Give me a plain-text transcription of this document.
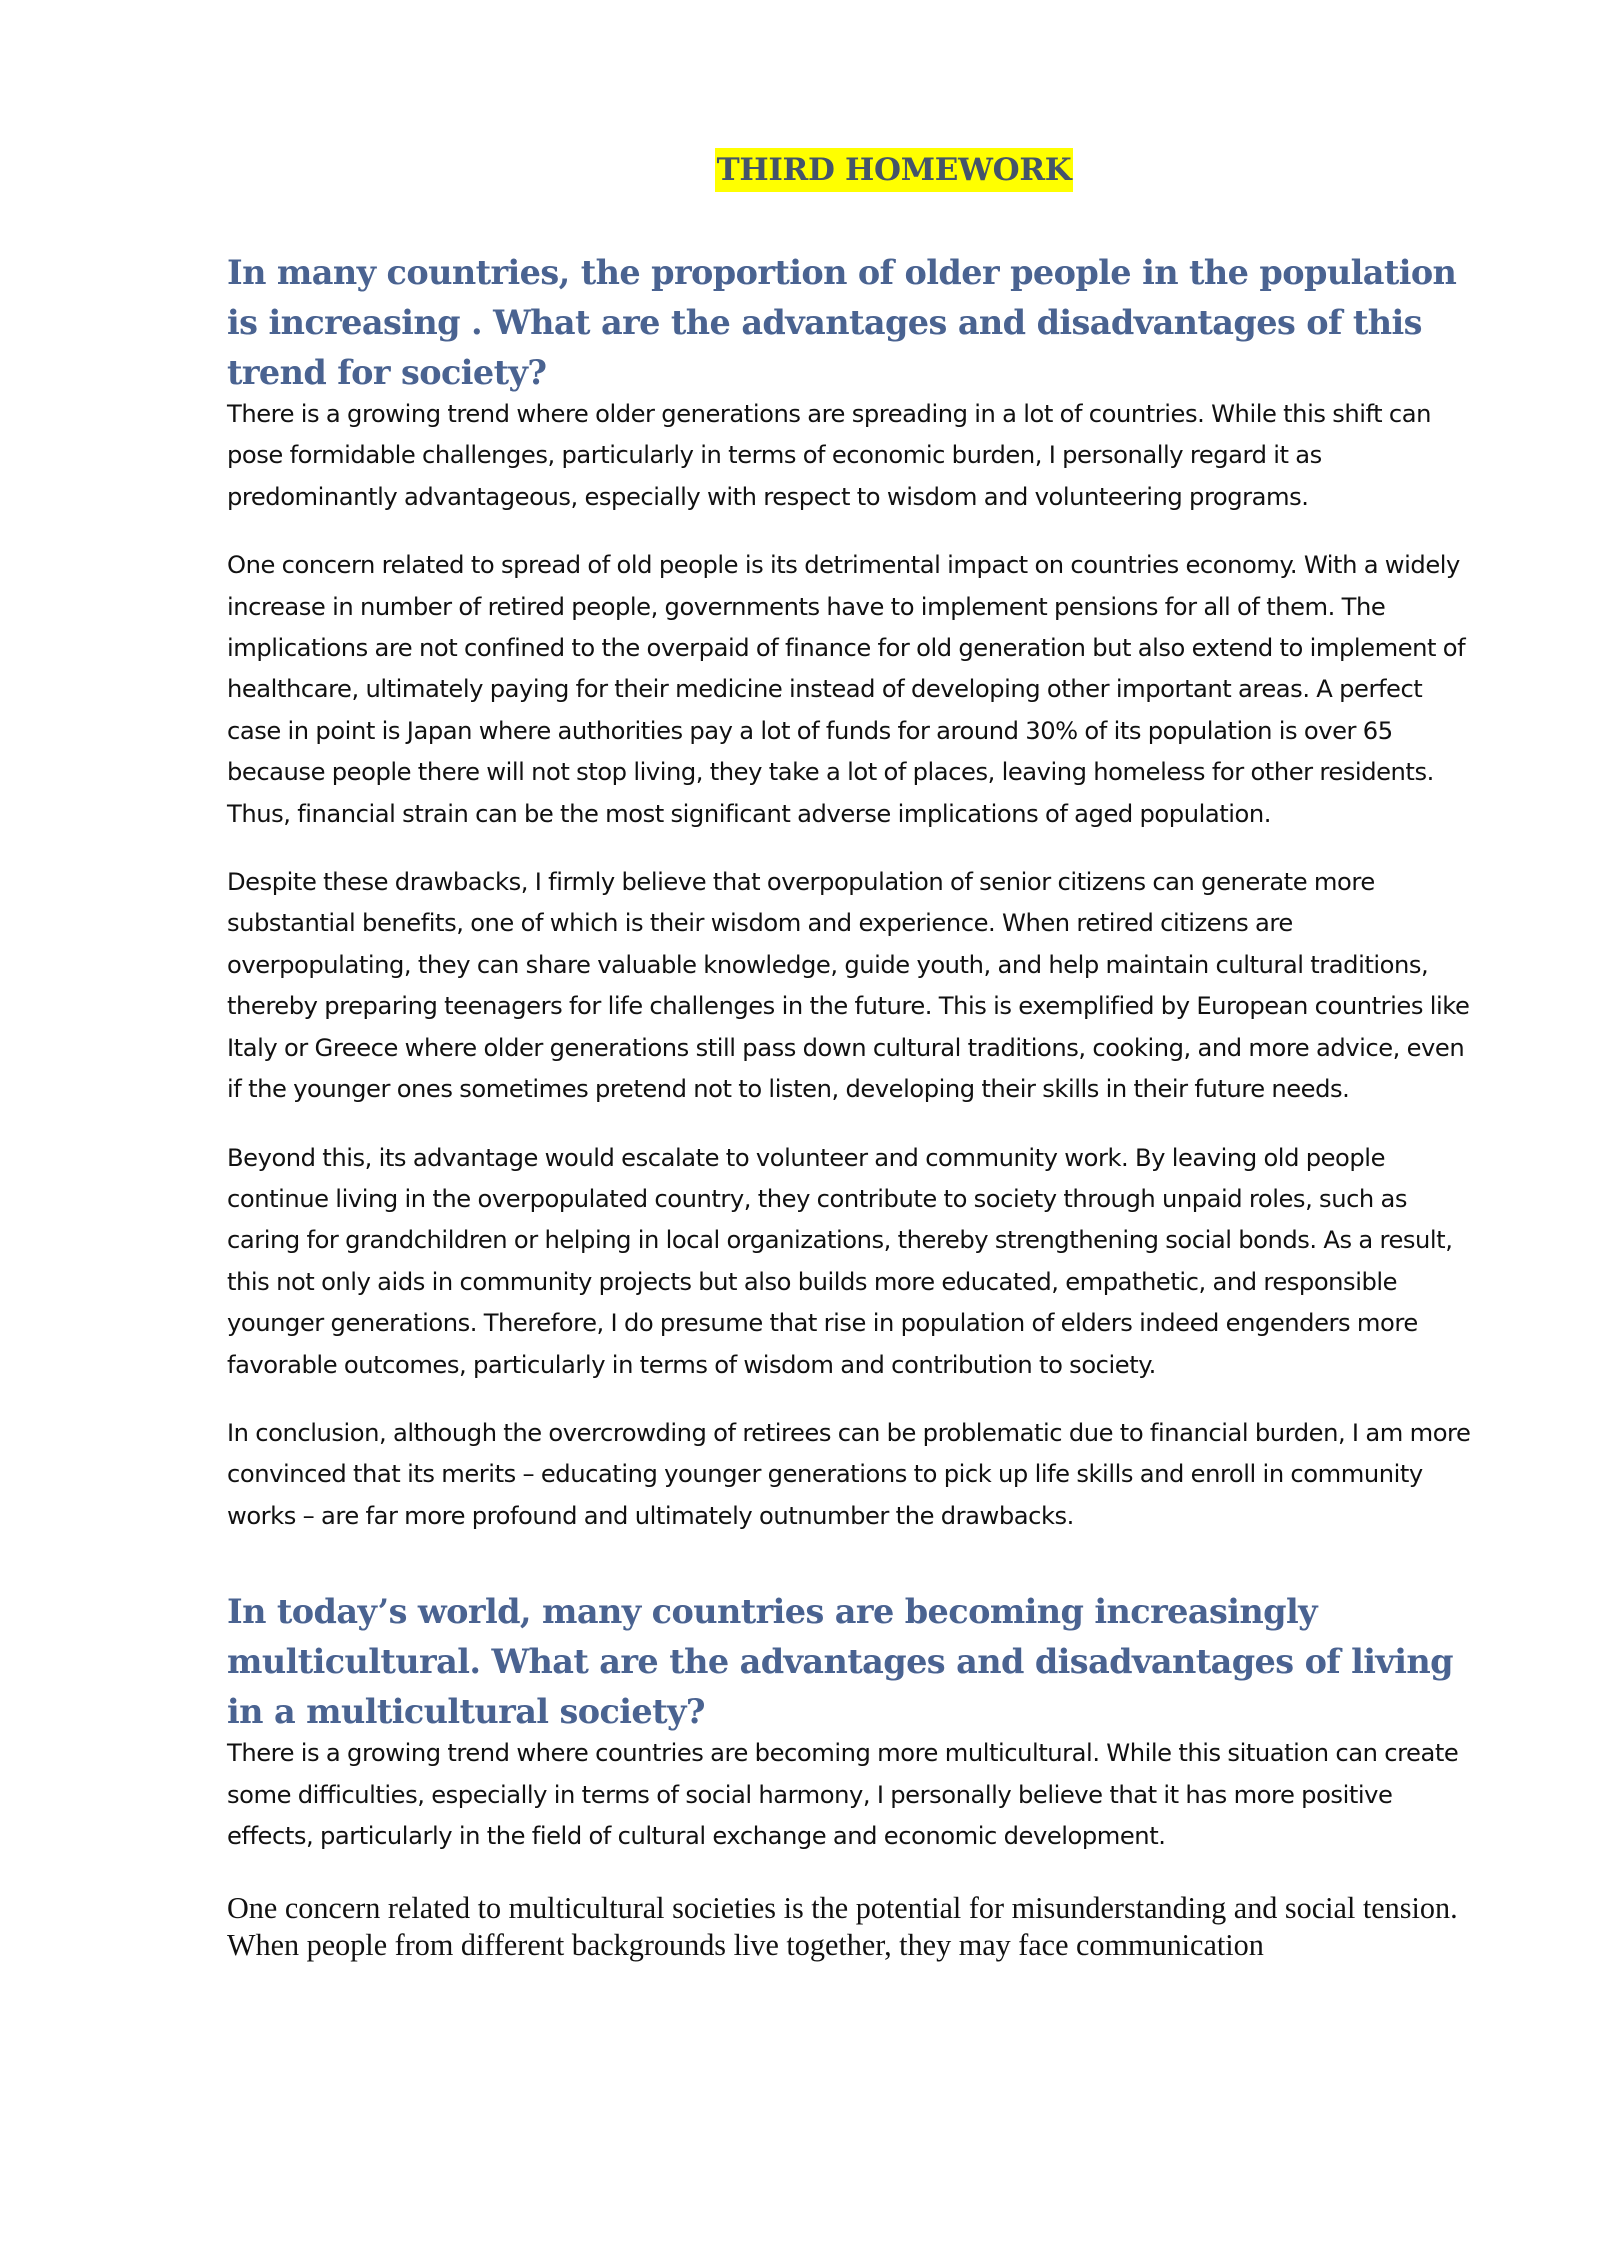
THIRD HOMEWORK
In many countries, the proportion of older people in the population is increasing . What are the advantages and disadvantages of this trend for society?

There is a growing trend where older generations are spreading in a lot of countries. While this shift can pose formidable challenges, particularly in terms of economic burden, I personally regard it as predominantly advantageous, especially with respect to wisdom and volunteering programs.

One concern related to spread of old people is its detrimental impact on countries economy. With a widely increase in number of retired people, governments have to implement pensions for all of them. The implications are not confined to the overpaid of finance for old generation but also extend to implement of healthcare, ultimately paying for their medicine instead of developing other important areas. A perfect case in point is Japan where authorities pay a lot of funds for around 30% of its population is over 65 because people there will not stop living, they take a lot of places, leaving homeless for other residents. Thus, financial strain can be the most significant adverse implications of aged population.

Despite these drawbacks, I firmly believe that overpopulation of senior citizens can generate more substantial benefits, one of which is their wisdom and experience. When retired citizens are overpopulating, they can share valuable knowledge, guide youth, and help maintain cultural traditions, thereby preparing teenagers for life challenges in the future. This is exemplified by European countries like Italy or Greece where older generations still pass down cultural traditions, cooking, and more advice, even if the younger ones sometimes pretend not to listen, developing their skills in their future needs.

Beyond this, its advantage would escalate to volunteer and community work. By leaving old people continue living in the overpopulated country, they contribute to society through unpaid roles, such as caring for grandchildren or helping in local organizations, thereby strengthening social bonds. As a result, this not only aids in community projects but also builds more educated, empathetic, and responsible younger generations. Therefore, I do presume that rise in population of elders indeed engenders more favorable outcomes, particularly in terms of wisdom and contribution to society.

In conclusion, although the overcrowding of retirees can be problematic due to financial burden, I am more convinced that its merits – educating younger generations to pick up life skills and enroll in community works – are far more profound and ultimately outnumber the drawbacks.

In today’s world, many countries are becoming increasingly multicultural. What are the advantages and disadvantages of living in a multicultural society?

There is a growing trend where countries are becoming more multicultural. While this situation can create some difficulties, especially in terms of social harmony, I personally believe that it has more positive effects, particularly in the field of cultural exchange and economic development.

One concern related to multicultural societies is the potential for misunderstanding and social tension. When people from different backgrounds live together, they may face communication
